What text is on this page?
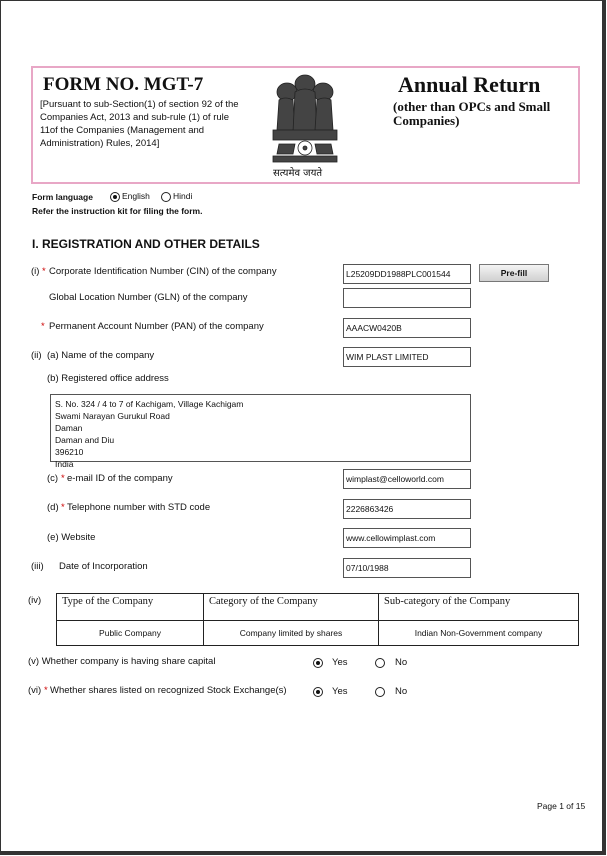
FORM NO. MGT-7
[Pursuant to sub-Section(1) of section 92 of the Companies Act, 2013 and sub-rule (1) of rule 11of the Companies (Management and Administration) Rules, 2014]
सत्यमेव जयते
Annual Return
(other than OPCs and Small Companies)
Form language	English	Hindi
Refer the instruction kit for filing the form.
I. REGISTRATION AND OTHER DETAILS
(i) * Corporate Identification Number (CIN) of the company	L25209DD1988PLC001544	Pre-fill
Global Location Number (GLN) of the company
* Permanent Account Number (PAN) of the company	AAACW0420B
(ii) (a) Name of the company	WIM PLAST LIMITED
(b) Registered office address
S. No. 324 / 4 to 7 of Kachigam, Village Kachigam
Swami Narayan Gurukul Road
Daman
Daman and Diu
396210
India
(c) * e-mail ID of the company	wimplast@celloworld.com
(d) * Telephone number with STD code	2226863426
(e) Website	www.cellowimplast.com
(iii) Date of Incorporation	07/10/1988
(iv) Type of the Company	Category of the Company	Sub-category of the Company
Public Company	Company limited by shares	Indian Non-Government company
(v) Whether company is having share capital	Yes	No
(vi) * Whether shares listed on recognized Stock Exchange(s)	Yes	No
Page 1 of 15
